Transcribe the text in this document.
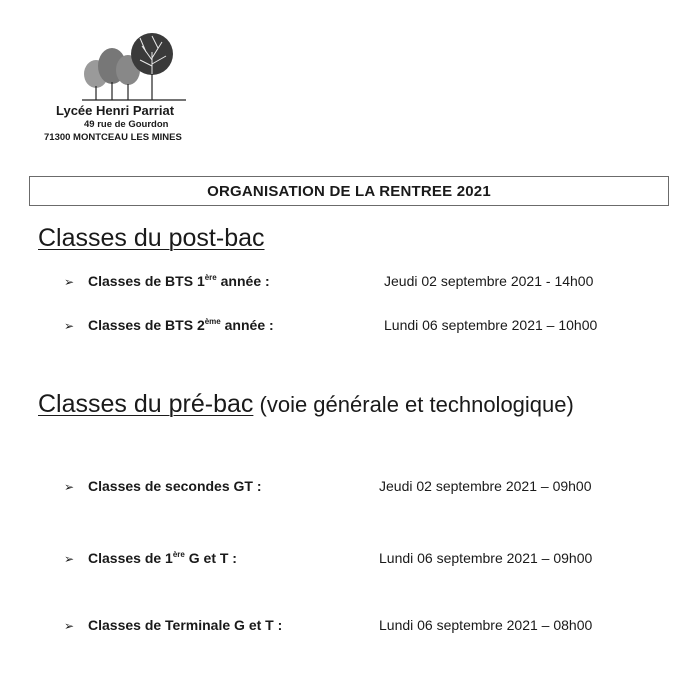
Lycée Henri Parriat
49 rue de Gourdon
71300 MONTCEAU LES MINES
ORGANISATION DE LA RENTREE 2021
Classes du post-bac
➢ Classes de BTS 1ère année :	Jeudi 02 septembre 2021 - 14h00
➢ Classes de BTS 2ème année :	Lundi 06 septembre 2021 – 10h00
Classes du pré-bac (voie générale et technologique)
➢ Classes de secondes GT :	Jeudi 02 septembre 2021 – 09h00
➢ Classes de 1ère G et T :	Lundi 06 septembre 2021 – 09h00
➢ Classes de Terminale G et T :	Lundi 06 septembre 2021 – 08h00
